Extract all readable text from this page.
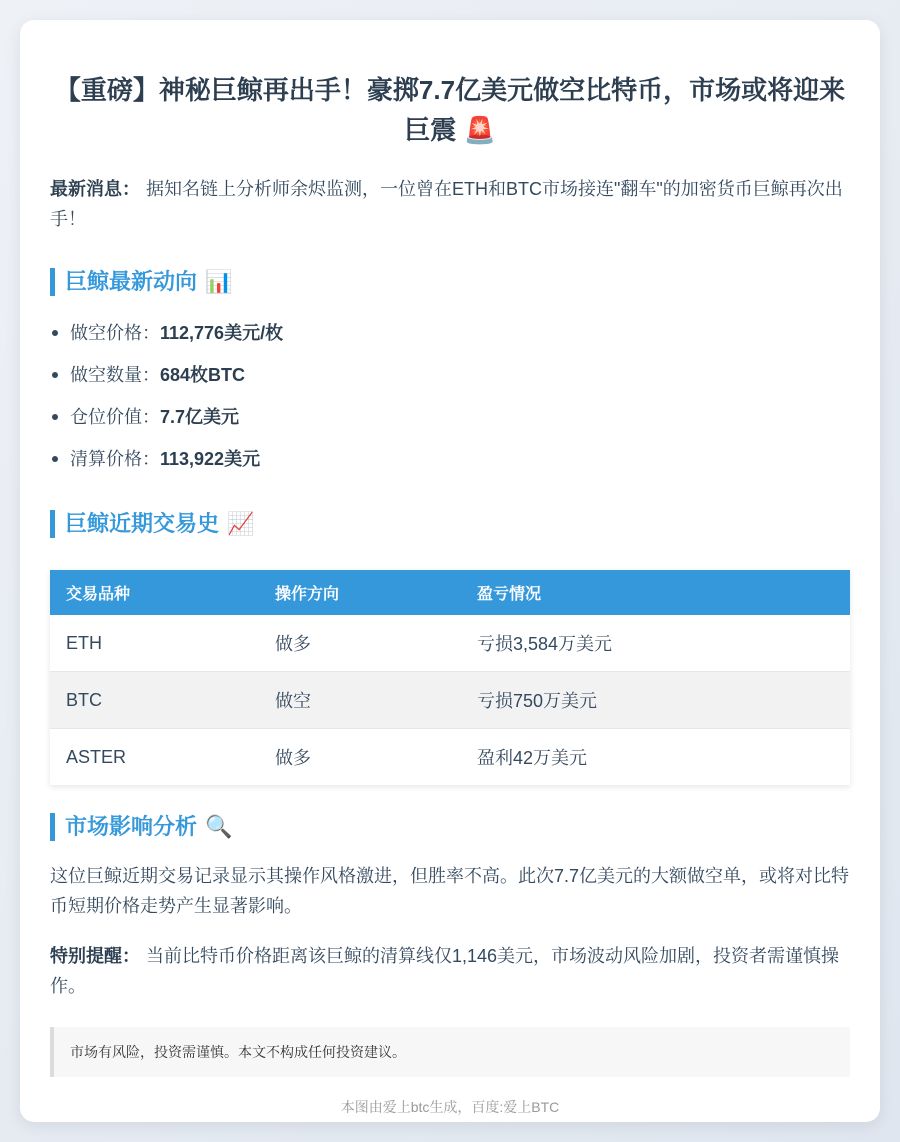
【重磅】神秘巨鲸再出手！豪掷7.7亿美元做空比特币，市场或将迎来巨震 🚨

最新消息： 据知名链上分析师余烬监测，一位曾在ETH和BTC市场接连"翻车"的加密货币巨鲸再次出手！

巨鲸最新动向 📊
做空价格：112,776美元/枚
做空数量：684枚BTC
仓位价值：7.7亿美元
清算价格：113,922美元
巨鲸近期交易史 📈
交易品种	操作方向	盈亏情况
ETH	做多	亏损3,584万美元
BTC	做空	亏损750万美元
ASTER	做多	盈利42万美元
市场影响分析 🔍

这位巨鲸近期交易记录显示其操作风格激进，但胜率不高。此次7.7亿美元的大额做空单，或将对比特币短期价格走势产生显著影响。

特别提醒： 当前比特币价格距离该巨鲸的清算线仅1,146美元，市场波动风险加剧，投资者需谨慎操作。

市场有风险，投资需谨慎。本文不构成任何投资建议。
本图由爱上btc生成，百度:爱上BTC
